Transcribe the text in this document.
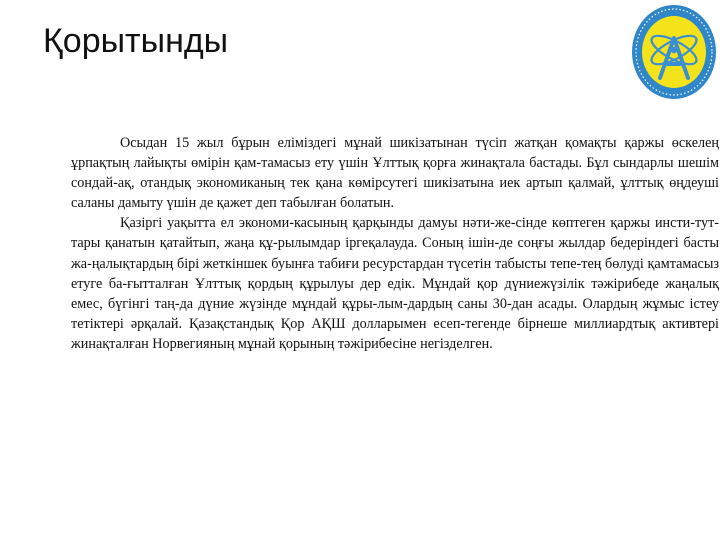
Қорытынды

Осыдан 15 жыл бұрын еліміздегі мұнай шикізатынан түсіп жатқан қомақты қаржы өскелең ұрпақтың лайықты өмірін қам-тамасыз ету үшін Ұлттық қорға жинақтала бастады. Бұл сындарлы шешім сондай-ақ, отандық экономиканың тек қана көмірсутегі шикізатына иек артып қалмай, ұлттық өңдеуші саланы дамыту үшін де қажет деп табылған болатын.

Қазіргі уақытта ел экономи-касының қарқынды дамуы нәти-же-сінде көптеген қаржы инсти-тут-тары қанатын қатайтып, жаңа құ-рылымдар іргеқалауда. Соның ішін-де соңғы жылдар бедеріндегі басты жа-ңалықтардың бірі жеткіншек буынға табиғи ресурстардан түсетін табысты тепе-тең бөлуді қамтамасыз етуге ба-ғытталған Ұлттық қордың құрылуы дер едік. Мұндай қор дүниежүзілік тәжірибеде жаңалық емес, бүгінгі таң-да дүние жүзінде мұндай құры-лым-дардың саны 30-дан асады. Олардың жұмыс істеу тетіктері әрқалай. Қазақстандық Қор АҚШ долларымен есеп-тегенде бірнеше миллиардтық активтері жинақталған Норвегияның мұнай қорының тәжірибесіне негізделген.
